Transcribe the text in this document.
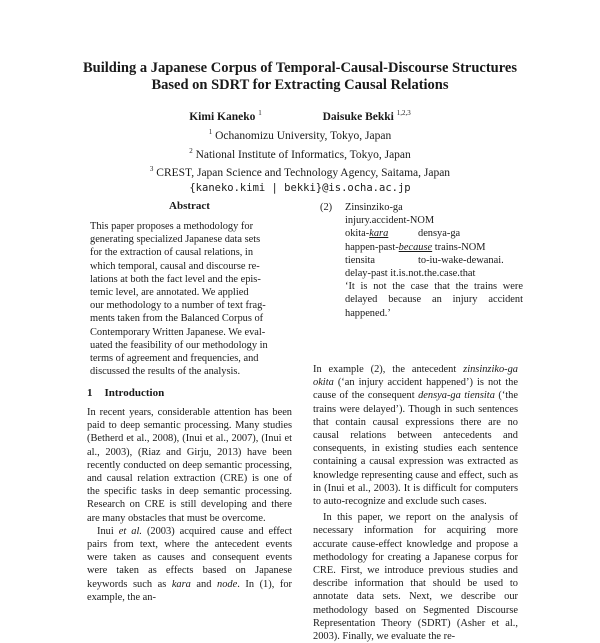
Building a Japanese Corpus of Temporal-Causal-Discourse Structures
Based on SDRT for Extracting Causal Relations
Kimi Kaneko $^1$	Daisuke Bekki $^{1,2,3}$
$^1$ Ochanomizu University, Tokyo, Japan
$^2$ National Institute of Informatics, Tokyo, Japan
$^3$ CREST, Japan Science and Technology Agency, Saitama, Japan
{kaneko.kimi | bekki}@is.ocha.ac.jp
Abstract
This paper proposes a methodology for
generating specialized Japanese data sets
for the extraction of causal relations, in
which temporal, causal and discourse re-
lations at both the fact level and the epis-
temic level, are annotated. We applied
our methodology to a number of text frag-
ments taken from the Balanced Corpus of
Contemporary Written Japanese. We eval-
uated the feasibility of our methodology in
terms of agreement and frequencies, and
discussed the results of the analysis.
1 Introduction

In recent years, considerable attention has been paid to deep semantic processing. Many studies (Betherd et al., 2008), (Inui et al., 2007), (Inui et al., 2003), (Riaz and Girju, 2013) have been recently conducted on deep semantic processing, and causal relation extraction (CRE) is one of the specific tasks in deep semantic processing. Research on CRE is still developing and there are many obstacles that must be overcome.

Inui et al. (2003) acquired cause and effect pairs from text, where the antecedent events were taken as causes and consequent events were taken as effects based on Japanese keywords such as kara and node. In (1), for example, the an-

(2) Zinsinziko-ga
injury.accident-NOM
okita-kara	densya-ga
happen-past-because trains-NOM
tiensita	to-iu-wake-dewanai.
delay-past it.is.not.the.case.that
‘It is not the case that the trains were delayed because an injury accident happened.’

In example (2), the antecedent zinsinziko-ga okita (‘an injury accident happened’) is not the cause of the consequent densya-ga tiensita (‘the trains were delayed’). Though in such sentences that contain causal expressions there are no causal relations between antecedents and consequents, in existing studies each sentence containing a causal expression was extracted as knowledge representing cause and effect, such as in (Inui et al., 2003). It is difficult for computers to auto-recognize and exclude such cases.

In this paper, we report on the analysis of necessary information for acquiring more accurate cause-effect knowledge and propose a methodology for creating a Japanese corpus for CRE. First, we introduce previous studies and describe information that should be used to annotate data sets. Next, we describe our methodology based on Segmented Discourse Representation Theory (SDRT) (Asher et al., 2003). Finally, we evaluate the re-
